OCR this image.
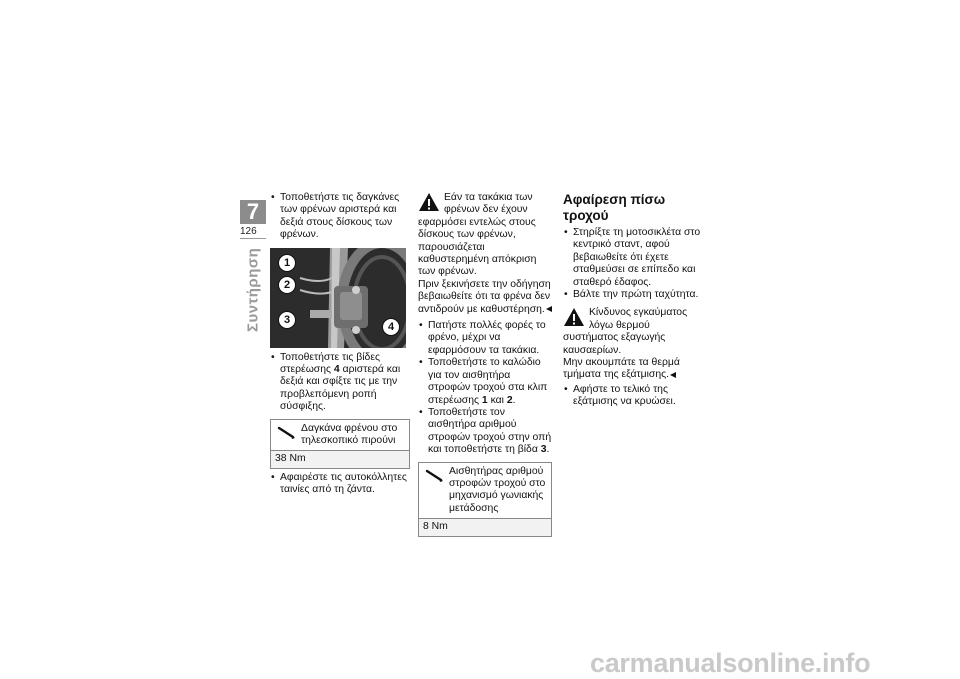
7
126
Συντήρηση
• Τοποθετήστε τις δαγκάνες των φρένων αριστερά και δεξιά στους δίσκους των φρένων.
1
2
3
4
• Τοποθετήστε τις βίδες στερέωσης 4 αριστερά και δεξιά και σφίξτε τις με την προβλεπόμενη ροπή σύσφιξης.
Δαγκάνα φρένου στο τηλεσκοπικό πιρούνι
38 Nm
• Αφαιρέστε τις αυτοκόλλητες ταινίες από τη ζάντα.
Εάν τα τακάκια των φρένων δεν έχουν εφαρμόσει εντελώς στους δίσκους των φρένων, παρουσιάζεται καθυστερημένη απόκριση των φρένων.
Πριν ξεκινήσετε την οδήγηση βεβαιωθείτε ότι τα φρένα δεν αντιδρούν με καθυστέρηση.
• Πατήστε πολλές φορές το φρένο, μέχρι να εφαρμόσουν τα τακάκια.
• Τοποθετήστε το καλώδιο για τον αισθητήρα στροφών τροχού στα κλιπ στερέωσης 1 και 2.
• Τοποθετήστε τον αισθητήρα αριθμού στροφών τροχού στην οπή και τοποθετήστε τη βίδα 3.
Αισθητήρας αριθμού στροφών τροχού στο μηχανισμό γωνιακής μετάδοσης
8 Nm
Αφαίρεση πίσω τροχού
• Στηρίξτε τη μοτοσικλέτα στο κεντρικό σταντ, αφού βεβαιωθείτε ότι έχετε σταθμεύσει σε επίπεδο και σταθερό έδαφος.
• Βάλτε την πρώτη ταχύτητα.
Κίνδυνος εγκαύματος λόγω θερμού συστήματος εξαγωγής καυσαερίων.
Μην ακουμπάτε τα θερμά τμήματα της εξάτμισης.
• Αφήστε το τελικό της εξάτμισης να κρυώσει.
carmanualsonline.info
